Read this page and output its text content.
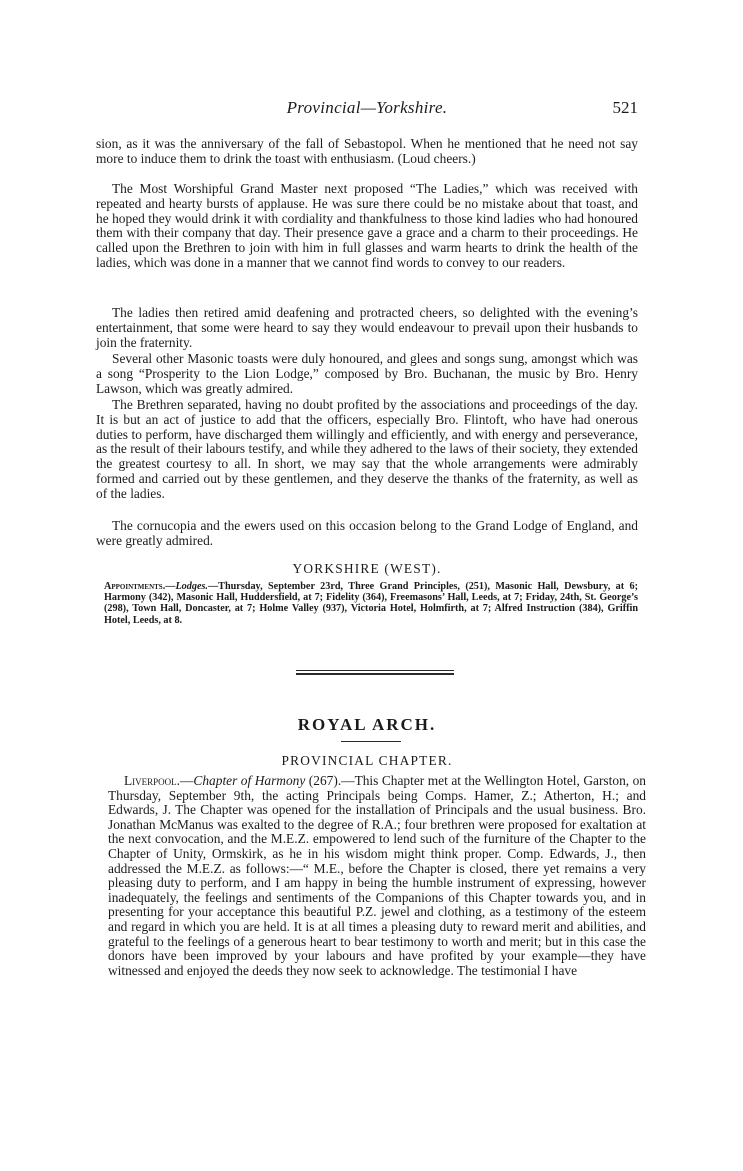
Provincial—Yorkshire.	521

sion, as it was the anniversary of the fall of Sebastopol. When he mentioned that he need not say more to induce them to drink the toast with enthusiasm. (Loud cheers.)

The Most Worshipful Grand Master next proposed “The Ladies,” which was received with repeated and hearty bursts of applause. He was sure there could be no mistake about that toast, and he hoped they would drink it with cordiality and thankfulness to those kind ladies who had honoured them with their company that day. Their presence gave a grace and a charm to their proceedings. He called upon the Brethren to join with him in full glasses and warm hearts to drink the health of the ladies, which was done in a manner that we cannot find words to convey to our readers.

The ladies then retired amid deafening and protracted cheers, so delighted with the evening’s entertainment, that some were heard to say they would endeavour to prevail upon their husbands to join the fraternity.

Several other Masonic toasts were duly honoured, and glees and songs sung, amongst which was a song “Prosperity to the Lion Lodge,” composed by Bro. Buchanan, the music by Bro. Henry Lawson, which was greatly admired.

The Brethren separated, having no doubt profited by the associations and proceedings of the day. It is but an act of justice to add that the officers, especially Bro. Flintoft, who have had onerous duties to perform, have discharged them willingly and efficiently, and with energy and perseverance, as the result of their labours testify, and while they adhered to the laws of their society, they extended the greatest courtesy to all. In short, we may say that the whole arrangements were admirably formed and carried out by these gentlemen, and they deserve the thanks of the fraternity, as well as of the ladies.

The cornucopia and the ewers used on this occasion belong to the Grand Lodge of England, and were greatly admired.

YORKSHIRE (WEST).

Appointments.—Lodges.—Thursday, September 23rd, Three Grand Principles, (251), Masonic Hall, Dewsbury, at 6; Harmony (342), Masonic Hall, Huddersfield, at 7; Fidelity (364), Freemasons’ Hall, Leeds, at 7; Friday, 24th, St. George’s (298), Town Hall, Doncaster, at 7; Holme Valley (937), Victoria Hotel, Holmfirth, at 7; Alfred Instruction (384), Griffin Hotel, Leeds, at 8.

ROYAL ARCH.
PROVINCIAL CHAPTER.

Liverpool.—Chapter of Harmony (267).—This Chapter met at the Wellington Hotel, Garston, on Thursday, September 9th, the acting Principals being Comps. Hamer, Z.; Atherton, H.; and Edwards, J. The Chapter was opened for the installation of Principals and the usual business. Bro. Jonathan McManus was exalted to the degree of R.A.; four brethren were proposed for exaltation at the next convocation, and the M.E.Z. empowered to lend such of the furniture of the Chapter to the Chapter of Unity, Ormskirk, as he in his wisdom might think proper. Comp. Edwards, J., then addressed the M.E.Z. as follows:—“ M.E., before the Chapter is closed, there yet remains a very pleasing duty to perform, and I am happy in being the humble instrument of expressing, however inadequately, the feelings and sentiments of the Companions of this Chapter towards you, and in presenting for your acceptance this beautiful P.Z. jewel and clothing, as a testimony of the esteem and regard in which you are held. It is at all times a pleasing duty to reward merit and abilities, and grateful to the feelings of a generous heart to bear testimony to worth and merit; but in this case the donors have been improved by your labours and have profited by your example—they have witnessed and enjoyed the deeds they now seek to acknowledge. The testimonial I have
